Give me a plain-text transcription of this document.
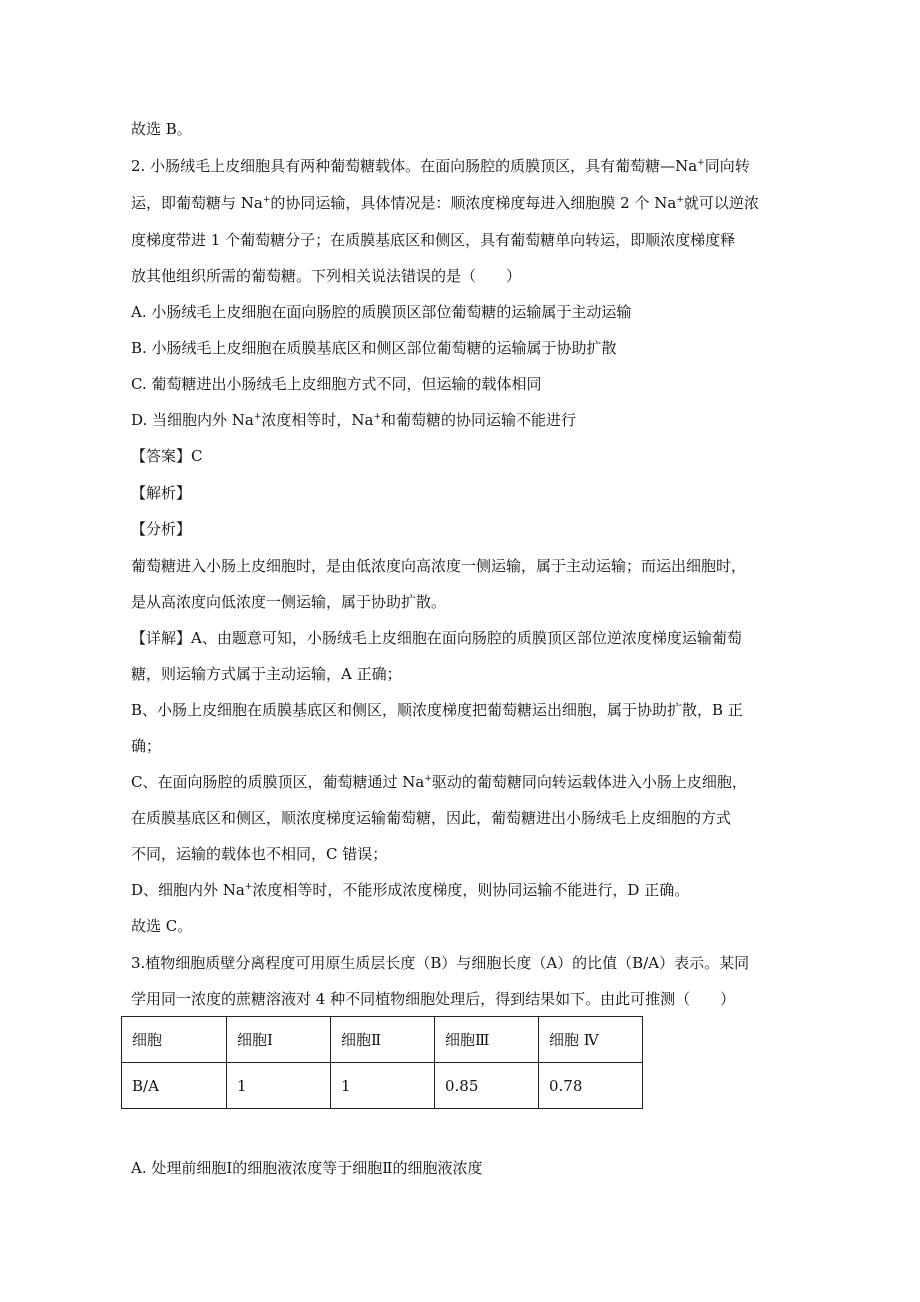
故选 B。
2. 小肠绒毛上皮细胞具有两种葡萄糖载体。在面向肠腔的质膜顶区，具有葡萄糖—Na+同向转
运，即葡萄糖与 Na+的协同运输，具体情况是：顺浓度梯度每进入细胞膜 2 个 Na+就可以逆浓
度梯度带进 1 个葡萄糖分子；在质膜基底区和侧区，具有葡萄糖单向转运，即顺浓度梯度释
放其他组织所需的葡萄糖。下列相关说法错误的是（　　）
A. 小肠绒毛上皮细胞在面向肠腔的质膜顶区部位葡萄糖的运输属于主动运输
B. 小肠绒毛上皮细胞在质膜基底区和侧区部位葡萄糖的运输属于协助扩散
C. 葡萄糖进出小肠绒毛上皮细胞方式不同，但运输的载体相同
D. 当细胞内外 Na+浓度相等时，Na+和葡萄糖的协同运输不能进行
【答案】C
【解析】
【分析】
葡萄糖进入小肠上皮细胞时，是由低浓度向高浓度一侧运输，属于主动运输；而运出细胞时，
是从高浓度向低浓度一侧运输，属于协助扩散。
【详解】A、由题意可知，小肠绒毛上皮细胞在面向肠腔的质膜顶区部位逆浓度梯度运输葡萄
糖，则运输方式属于主动运输，A 正确；
B、小肠上皮细胞在质膜基底区和侧区，顺浓度梯度把葡萄糖运出细胞，属于协助扩散，B 正
确；
C、在面向肠腔的质膜顶区，葡萄糖通过 Na+驱动的葡萄糖同向转运载体进入小肠上皮细胞，
在质膜基底区和侧区，顺浓度梯度运输葡萄糖，因此，葡萄糖进出小肠绒毛上皮细胞的方式
不同，运输的载体也不相同，C 错误；
D、细胞内外 Na+浓度相等时，不能形成浓度梯度，则协同运输不能进行，D 正确。
故选 C。
3.植物细胞质壁分离程度可用原生质层长度（B）与细胞长度（A）的比值（B/A）表示。某同
学用同一浓度的蔗糖溶液对 4 种不同植物细胞处理后，得到结果如下。由此可推测（　　）
细胞	细胞Ⅰ	细胞Ⅱ	细胞Ⅲ	细胞 Ⅳ
B/A	1	1	0.85	0.78
A. 处理前细胞Ⅰ的细胞液浓度等于细胞Ⅱ的细胞液浓度
